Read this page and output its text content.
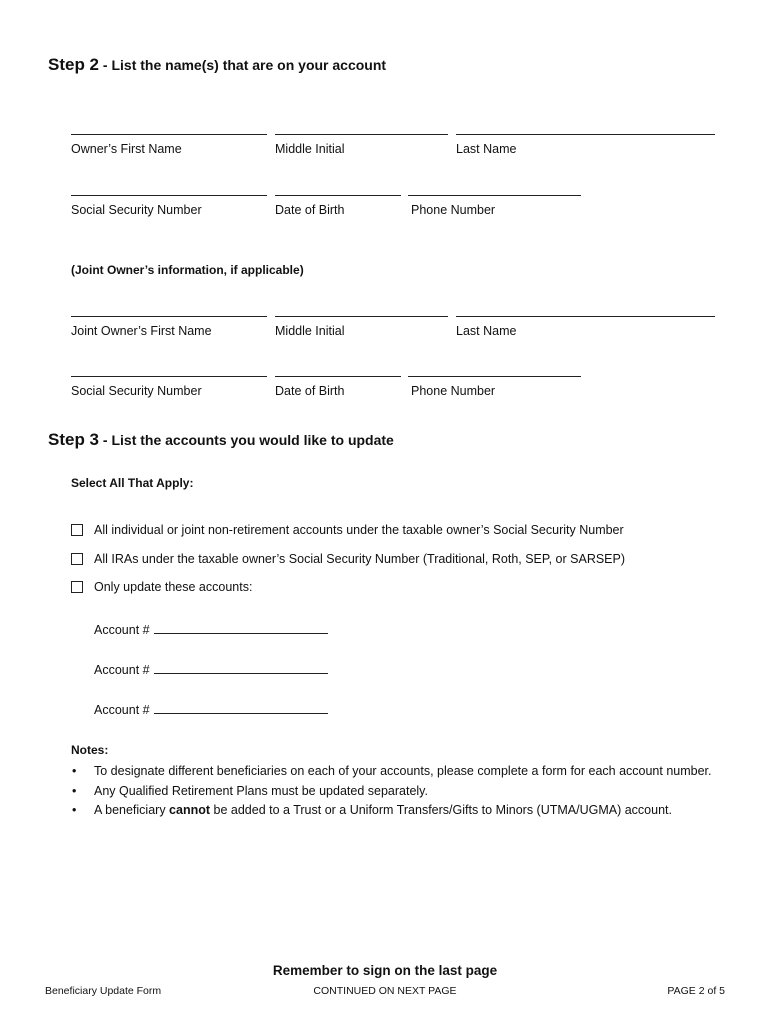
Step 2 - List the name(s) that are on your account
Owner’s First Name	Middle Initial	Last Name
Social Security Number	Date of Birth	Phone Number
(Joint Owner’s information, if applicable)
Joint Owner’s First Name	Middle Initial	Last Name
Social Security Number	Date of Birth	Phone Number
Step 3 - List the accounts you would like to update
Select All That Apply:
All individual or joint non-retirement accounts under the taxable owner’s Social Security Number
All IRAs under the taxable owner’s Social Security Number (Traditional, Roth, SEP, or SARSEP)
Only update these accounts:
Account #
Account #
Account #
Notes:
• To designate different beneficiaries on each of your accounts, please complete a form for each account number.
• Any Qualified Retirement Plans must be updated separately.
• A beneficiary cannot be added to a Trust or a Uniform Transfers/Gifts to Minors (UTMA/UGMA) account.
Remember to sign on the last page
Beneficiary Update Form	CONTINUED ON NEXT PAGE	PAGE 2 of 5
